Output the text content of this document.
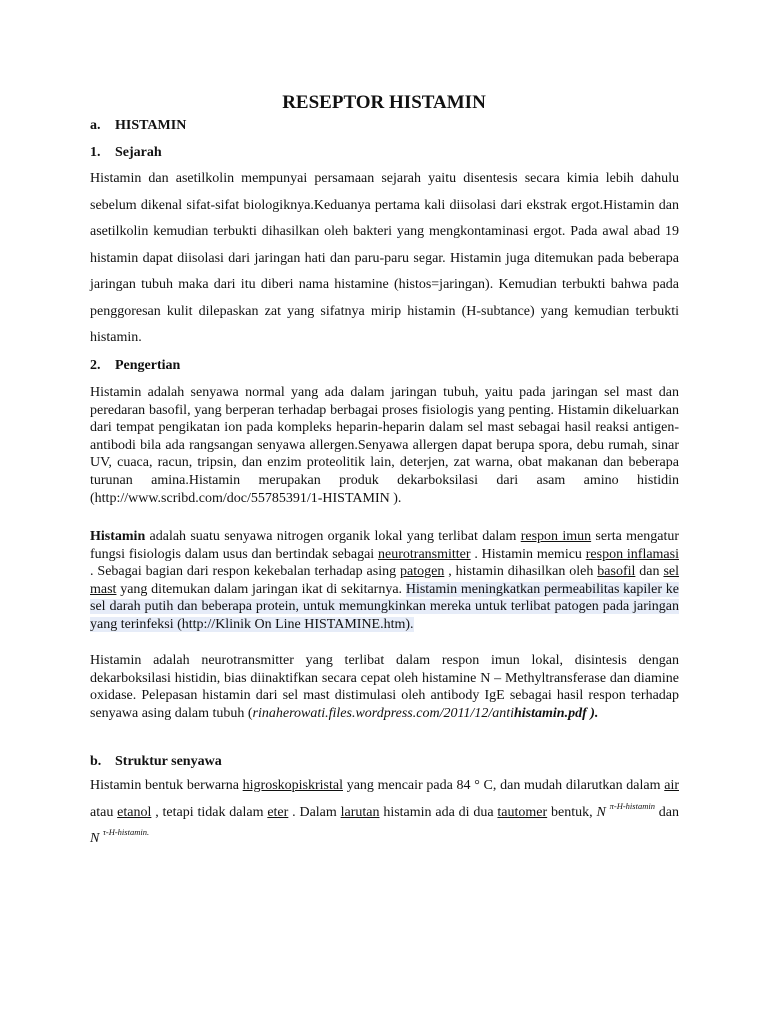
RESEPTOR HISTAMIN
a. HISTAMIN
1. Sejarah
Histamin dan asetilkolin mempunyai persamaan sejarah yaitu disentesis secara kimia lebih dahulu sebelum dikenal sifat-sifat biologiknya.Keduanya pertama kali diisolasi dari ekstrak ergot.Histamin dan asetilkolin kemudian terbukti dihasilkan oleh bakteri yang mengkontaminasi ergot. Pada awal abad 19 histamin dapat diisolasi dari jaringan hati dan paru-paru segar. Histamin juga ditemukan pada beberapa jaringan tubuh maka dari itu diberi nama histamine (histos=jaringan). Kemudian terbukti bahwa pada penggoresan kulit dilepaskan zat yang sifatnya mirip histamin (H-subtance) yang kemudian terbukti histamin.
2. Pengertian
Histamin adalah senyawa normal yang ada dalam jaringan tubuh, yaitu pada jaringan sel mast dan peredaran basofil, yang berperan terhadap berbagai proses fisiologis yang penting. Histamin dikeluarkan dari tempat pengikatan ion pada kompleks heparin-heparin dalam sel mast sebagai hasil reaksi antigen-antibodi bila ada rangsangan senyawa allergen.Senyawa allergen dapat berupa spora, debu rumah, sinar UV, cuaca, racun, tripsin, dan enzim proteolitik lain, deterjen, zat warna, obat makanan dan beberapa turunan amina.Histamin merupakan produk dekarboksilasi dari asam amino histidin (http://www.scribd.com/doc/55785391/1-HISTAMIN ).
Histamin adalah suatu senyawa nitrogen organik lokal yang terlibat dalam respon imun serta mengatur fungsi fisiologis dalam usus dan bertindak sebagai neurotransmitter . Histamin memicu respon inflamasi . Sebagai bagian dari respon kekebalan terhadap asing patogen , histamin dihasilkan oleh basofil dan sel mast yang ditemukan dalam jaringan ikat di sekitarnya. Histamin meningkatkan permeabilitas kapiler ke sel darah putih dan beberapa protein, untuk memungkinkan mereka untuk terlibat patogen pada jaringan yang terinfeksi (http://Klinik On Line HISTAMINE.htm).
Histamin adalah neurotransmitter yang terlibat dalam respon imun lokal, disintesis dengan dekarboksilasi histidin, bias diinaktifkan secara cepat oleh histamine N – Methyltransferase dan diamine oxidase. Pelepasan histamin dari sel mast distimulasi oleh antibody IgE sebagai hasil respon terhadap senyawa asing dalam tubuh (rinaherowati.files.wordpress.com/2011/12/antihistamin.pdf ).
b. Struktur senyawa
Histamin bentuk berwarna higroskopiskristal yang mencair pada 84 ° C, dan mudah dilarutkan dalam air atau etanol , tetapi tidak dalam eter . Dalam larutan histamin ada di dua tautomer bentuk, N $^{\pi-H-histamin}$ dan N $^{\tau-H-histamin.}$
